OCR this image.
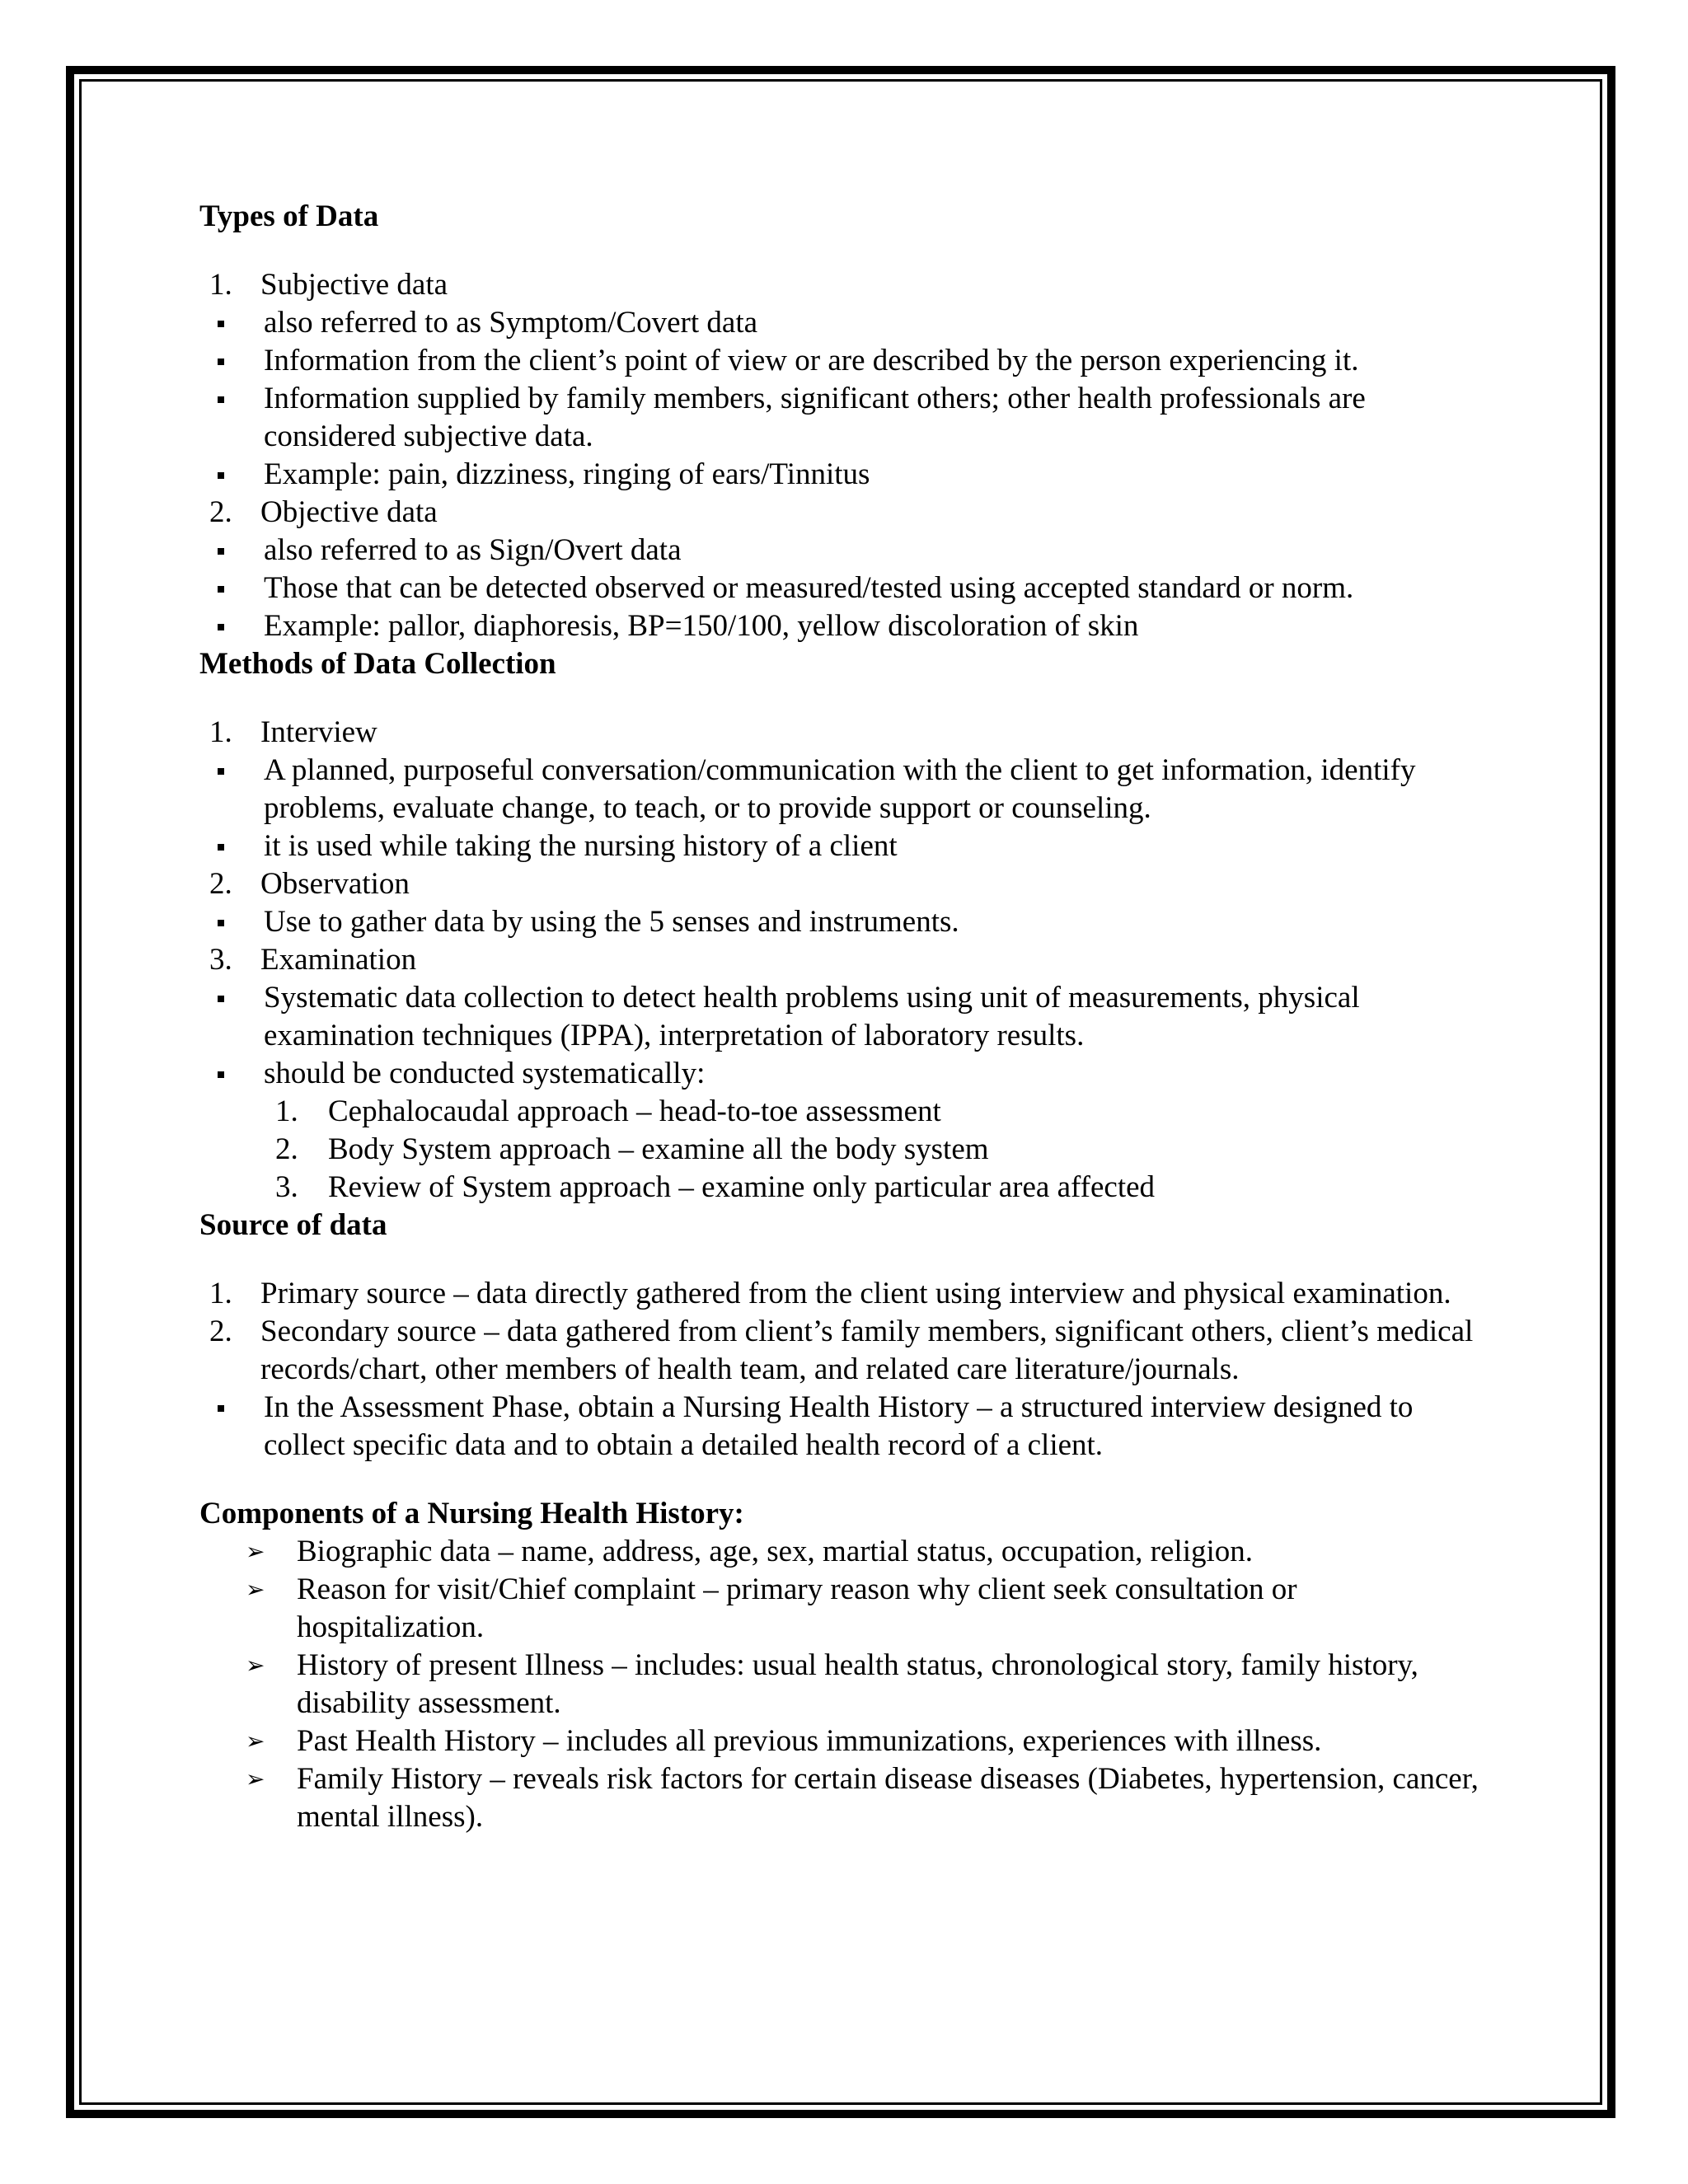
Types of Data

1. Subjective data
also referred to as Symptom/Covert data
Information from the client’s point of view or are described by the person experiencing it.
Information supplied by family members, significant others; other health professionals are considered subjective data.
Example: pain, dizziness, ringing of ears/Tinnitus
2. Objective data
also referred to as Sign/Overt data
Those that can be detected observed or measured/tested using accepted standard or norm.
Example: pallor, diaphoresis, BP=150/100, yellow discoloration of skin

Methods of Data Collection

1. Interview
A planned, purposeful conversation/communication with the client to get information, identify problems, evaluate change, to teach, or to provide support or counseling.
it is used while taking the nursing history of a client
2. Observation
Use to gather data by using the 5 senses and instruments.
3. Examination
Systematic data collection to detect health problems using unit of measurements, physical examination techniques (IPPA), interpretation of laboratory results.
should be conducted systematically:
1. Cephalocaudal approach – head-to-toe assessment
2. Body System approach – examine all the body system
3. Review of System approach – examine only particular area affected

Source of data

1. Primary source – data directly gathered from the client using interview and physical examination.
2. Secondary source – data gathered from client’s family members, significant others, client’s medical records/chart, other members of health team, and related care literature/journals.
In the Assessment Phase, obtain a Nursing Health History – a structured interview designed to collect specific data and to obtain a detailed health record of a client.

Components of a Nursing Health History:

➢ Biographic data – name, address, age, sex, martial status, occupation, religion.
➢ Reason for visit/Chief complaint – primary reason why client seek consultation or hospitalization.
➢ History of present Illness – includes: usual health status, chronological story, family history, disability assessment.
➢ Past Health History – includes all previous immunizations, experiences with illness.
➢ Family History – reveals risk factors for certain disease diseases (Diabetes, hypertension, cancer, mental illness).
